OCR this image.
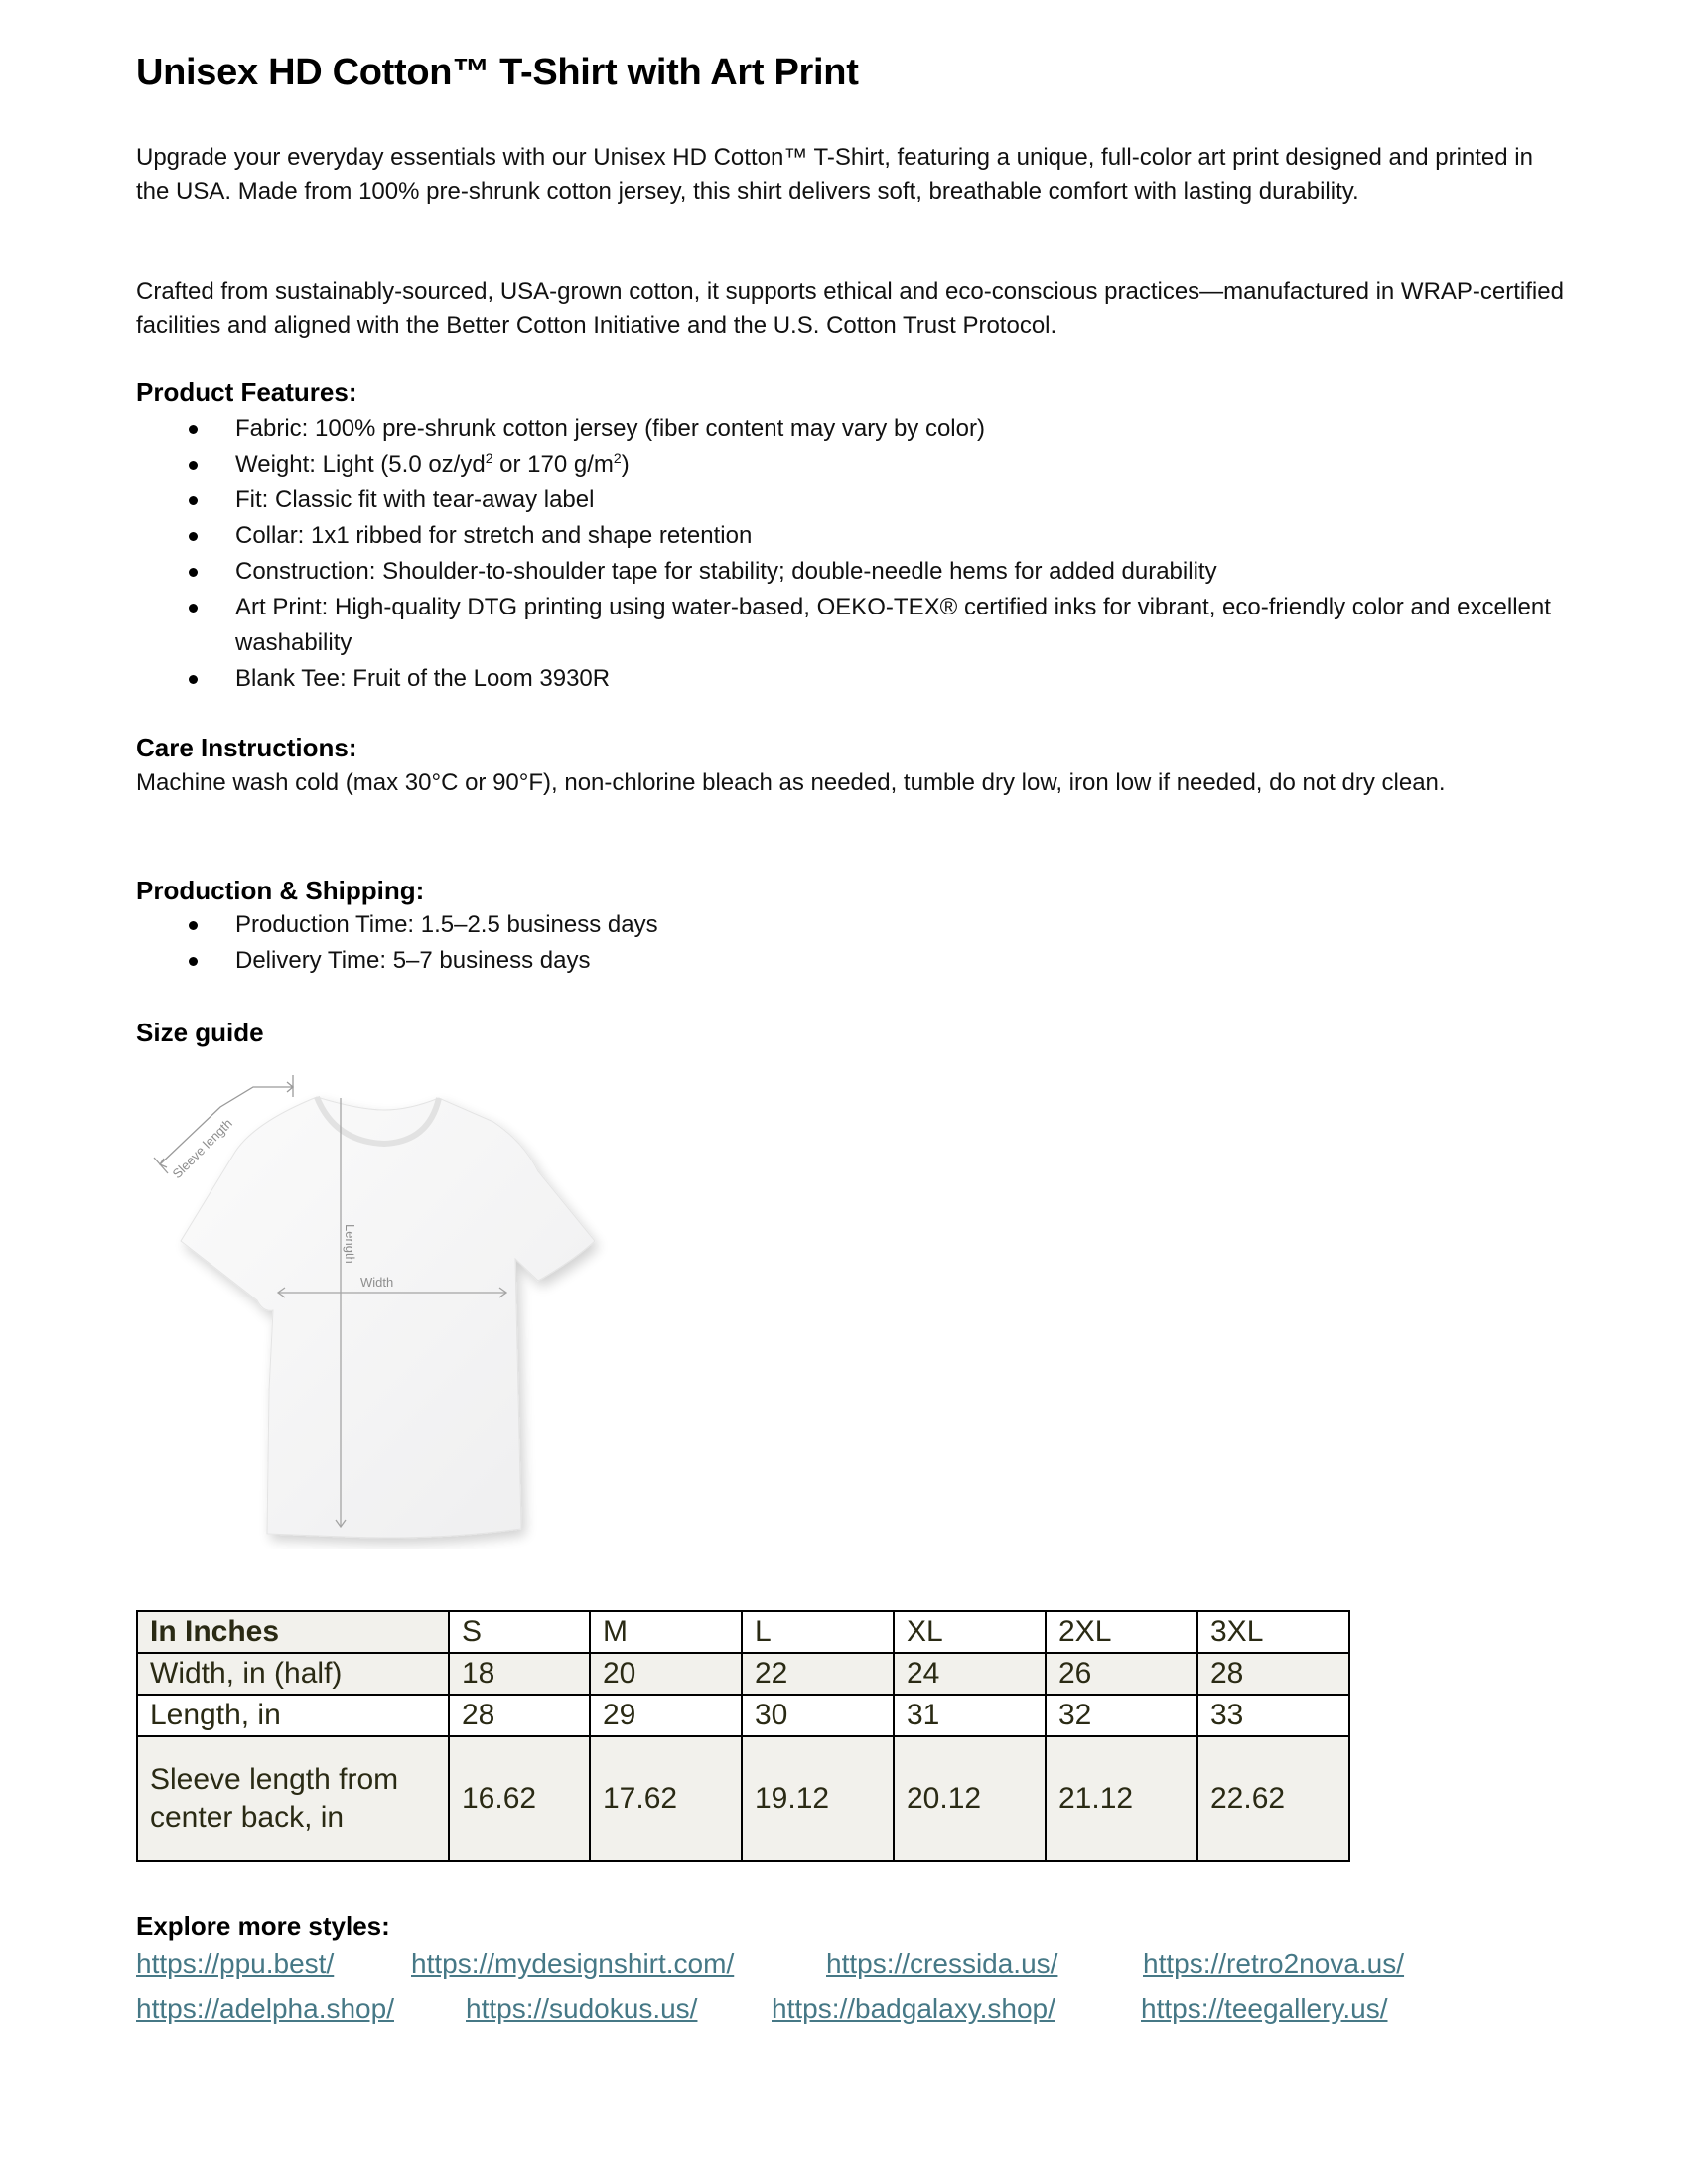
Unisex HD Cotton™ T-Shirt with Art Print

Upgrade your everyday essentials with our Unisex HD Cotton™ T-Shirt, featuring a unique, full-color art print designed and printed in the USA. Made from 100% pre-shrunk cotton jersey, this shirt delivers soft, breathable comfort with lasting durability.

Crafted from sustainably-sourced, USA-grown cotton, it supports ethical and eco-conscious practices—manufactured in WRAP-certified facilities and aligned with the Better Cotton Initiative and the U.S. Cotton Trust Protocol.

Product Features:
Fabric: 100% pre-shrunk cotton jersey (fiber content may vary by color)
Weight: Light (5.0 $oz/yd^2$ or 170 $g/m^2$)
Fit: Classic fit with tear-away label
Collar: 1x1 ribbed for stretch and shape retention
Construction: Shoulder-to-shoulder tape for stability; double-needle hems for added durability
Art Print: High-quality DTG printing using water-based, OEKO-TEX® certified inks for vibrant, eco-friendly color and excellent washability
Blank Tee: Fruit of the Loom 3930R
Care Instructions:

Machine wash cold (max 30°C or 90°F), non-chlorine bleach as needed, tumble dry low, iron low if needed, do not dry clean.

Production & Shipping:
Production Time: 1.5–2.5 business days
Delivery Time: 5–7 business days
Size guide
Sleeve length
Length
Width
In Inches	S	M	L	XL	2XL	3XL
Width, in (half)	18	20	22	24	26	28
Length, in	28	29	30	31	32	33
Sleeve length from center back, in	16.62	17.62	19.12	20.12	21.12	22.62
Explore more styles:
https://ppu.best/	https://mydesignshirt.com/	https://cressida.us/	https://retro2nova.us/
https://adelpha.shop/	https://sudokus.us/	https://badgalaxy.shop/	https://teegallery.us/
